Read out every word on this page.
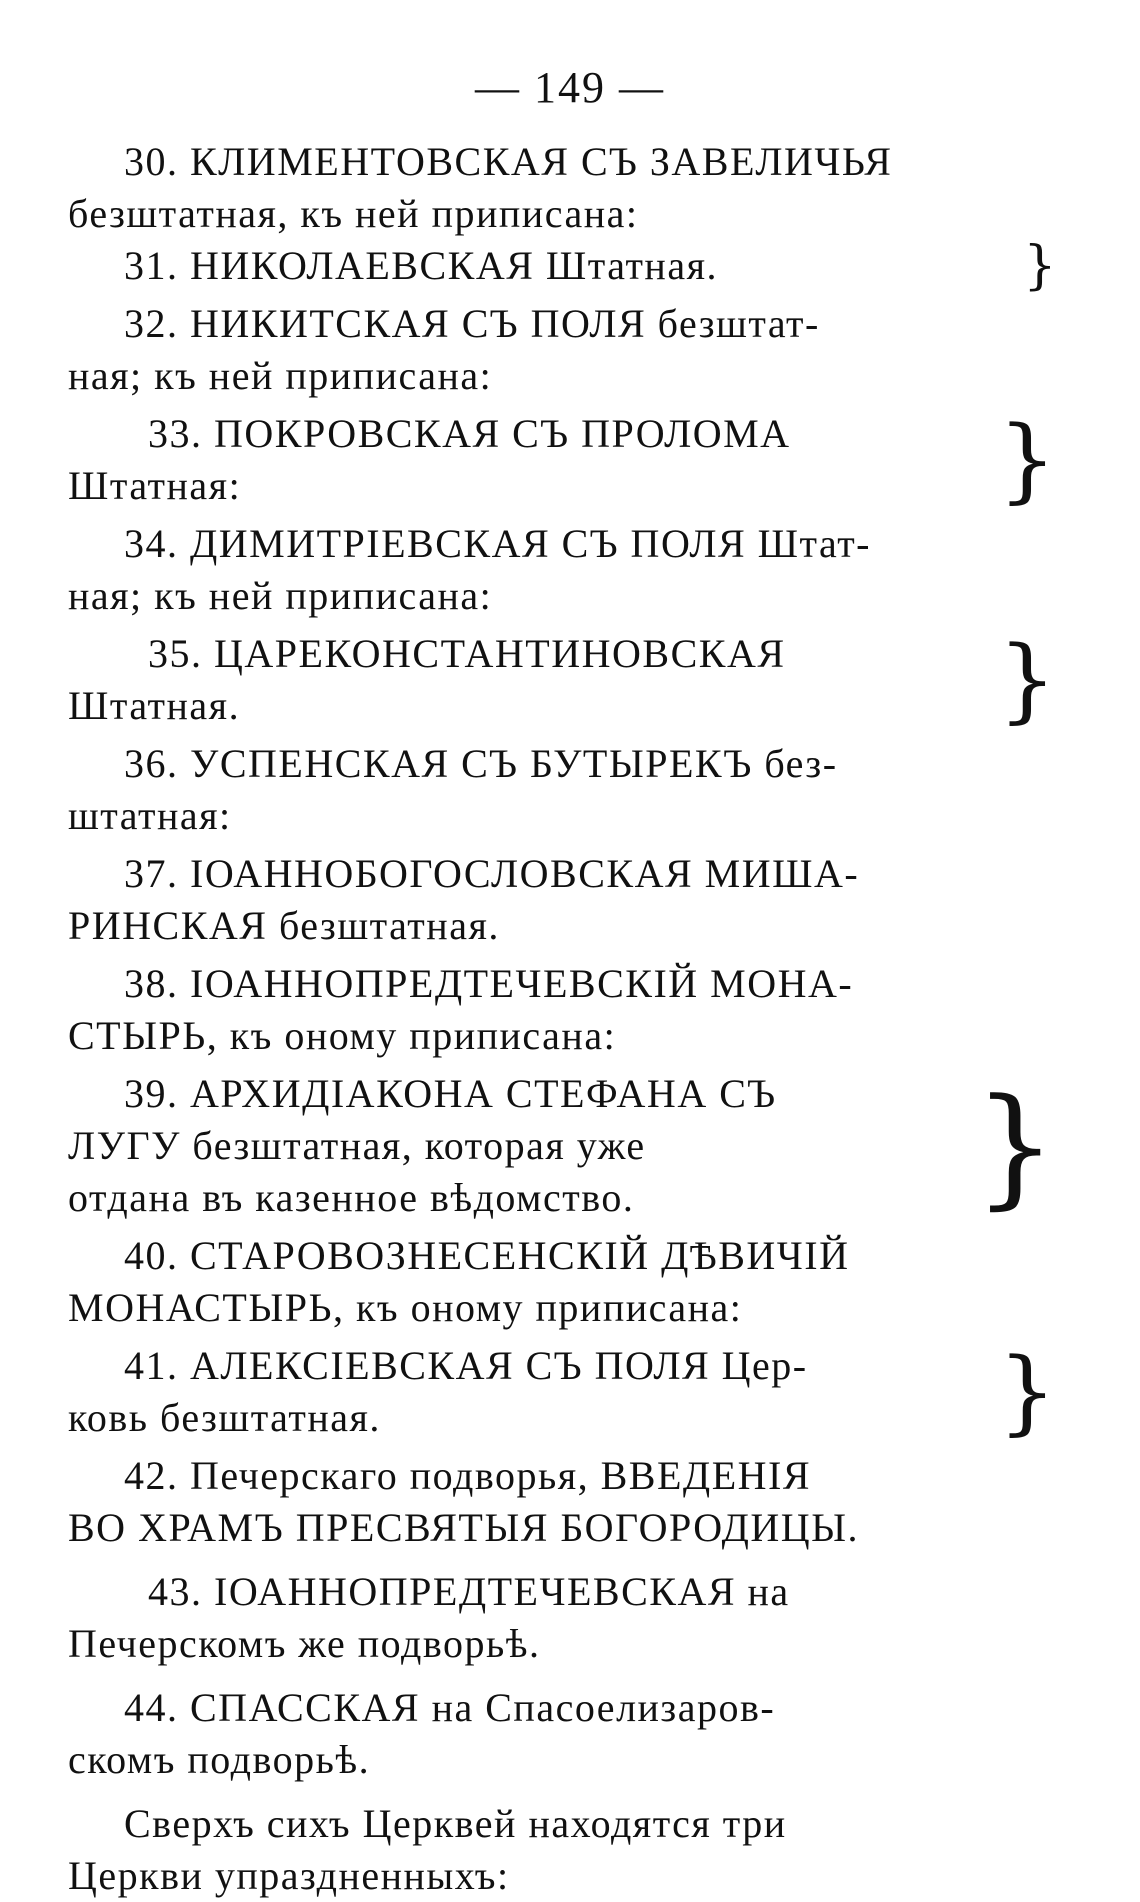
— 149 —
30. КЛИМЕНТОВСКАЯ СЪ ЗАВЕЛИЧЬЯ
безштатная, къ ней приписана:
31. НИКОЛАЕВСКАЯ Штатная.	}
32. НИКИТСКАЯ СЪ ПОЛЯ безштат-
ная; къ ней приписана:
33. ПОКРОВСКАЯ СЪ ПРОЛОМА
Штатная:	}
34. ДИМИТРІЕВСКАЯ СЪ ПОЛЯ Штат-
ная; къ ней приписана:
35. ЦАРЕКОНСТАНТИНОВСКАЯ
Штатная.	}
36. УСПЕНСКАЯ СЪ БУТЫРЕКЪ без-
штатная:
37. ІОАННОБОГОСЛОВСКАЯ МИША-
РИНСКАЯ безштатная.
38. ІОАННОПРЕДТЕЧЕВСКІЙ МОНА-
СТЫРЬ, къ оному приписана:
39. АРХИДІАКОНА СТЕФАНА СЪ
ЛУГУ безштатная, которая уже
отдана въ казенное вѣдомство.	}
40. СТАРОВОЗНЕСЕНСКІЙ ДѢВИЧІЙ
МОНАСТЫРЬ, къ оному приписана:
41. АЛЕКСІЕВСКАЯ СЪ ПОЛЯ Цер-
ковь безштатная.	}
42. Печерскаго подворья, ВВЕДЕНІЯ
ВО ХРАМЪ ПРЕСВЯТЫЯ БОГОРОДИЦЫ.
43. ІОАННОПРЕДТЕЧЕВСКАЯ на
Печерскомъ же подворьѣ.
44. СПАССКАЯ на Спасоелизаров-
скомъ подворьѣ.
Сверхъ сихъ Церквей находятся три
Церкви упраздненныхъ:
